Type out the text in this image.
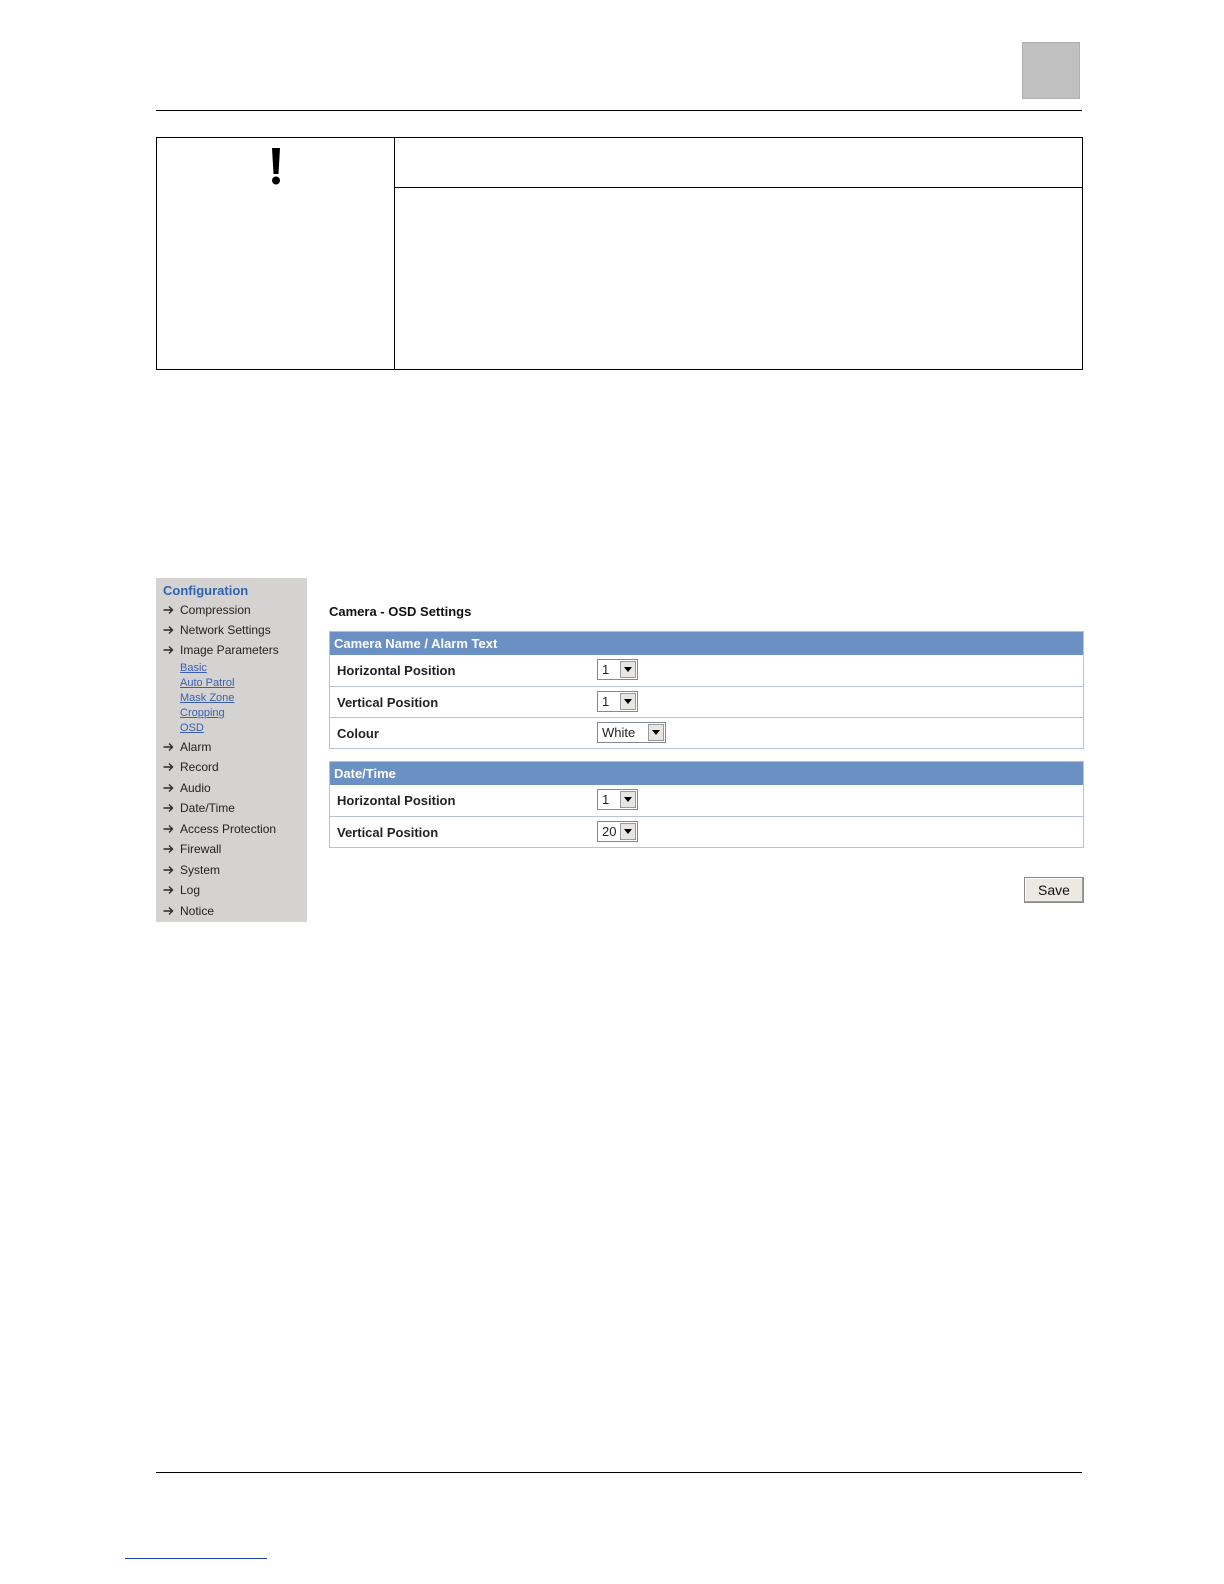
Configuration
Compression
Network Settings
Image Parameters
Basic
Auto Patrol
Mask Zone
Cropping
OSD
Alarm
Record
Audio
Date/Time
Access Protection
Firewall
System
Log
Notice
Camera - OSD Settings
Camera Name / Alarm Text
Horizontal Position	1
Vertical Position	1
Colour	White
Date/Time
Horizontal Position	1
Vertical Position	20
Save
